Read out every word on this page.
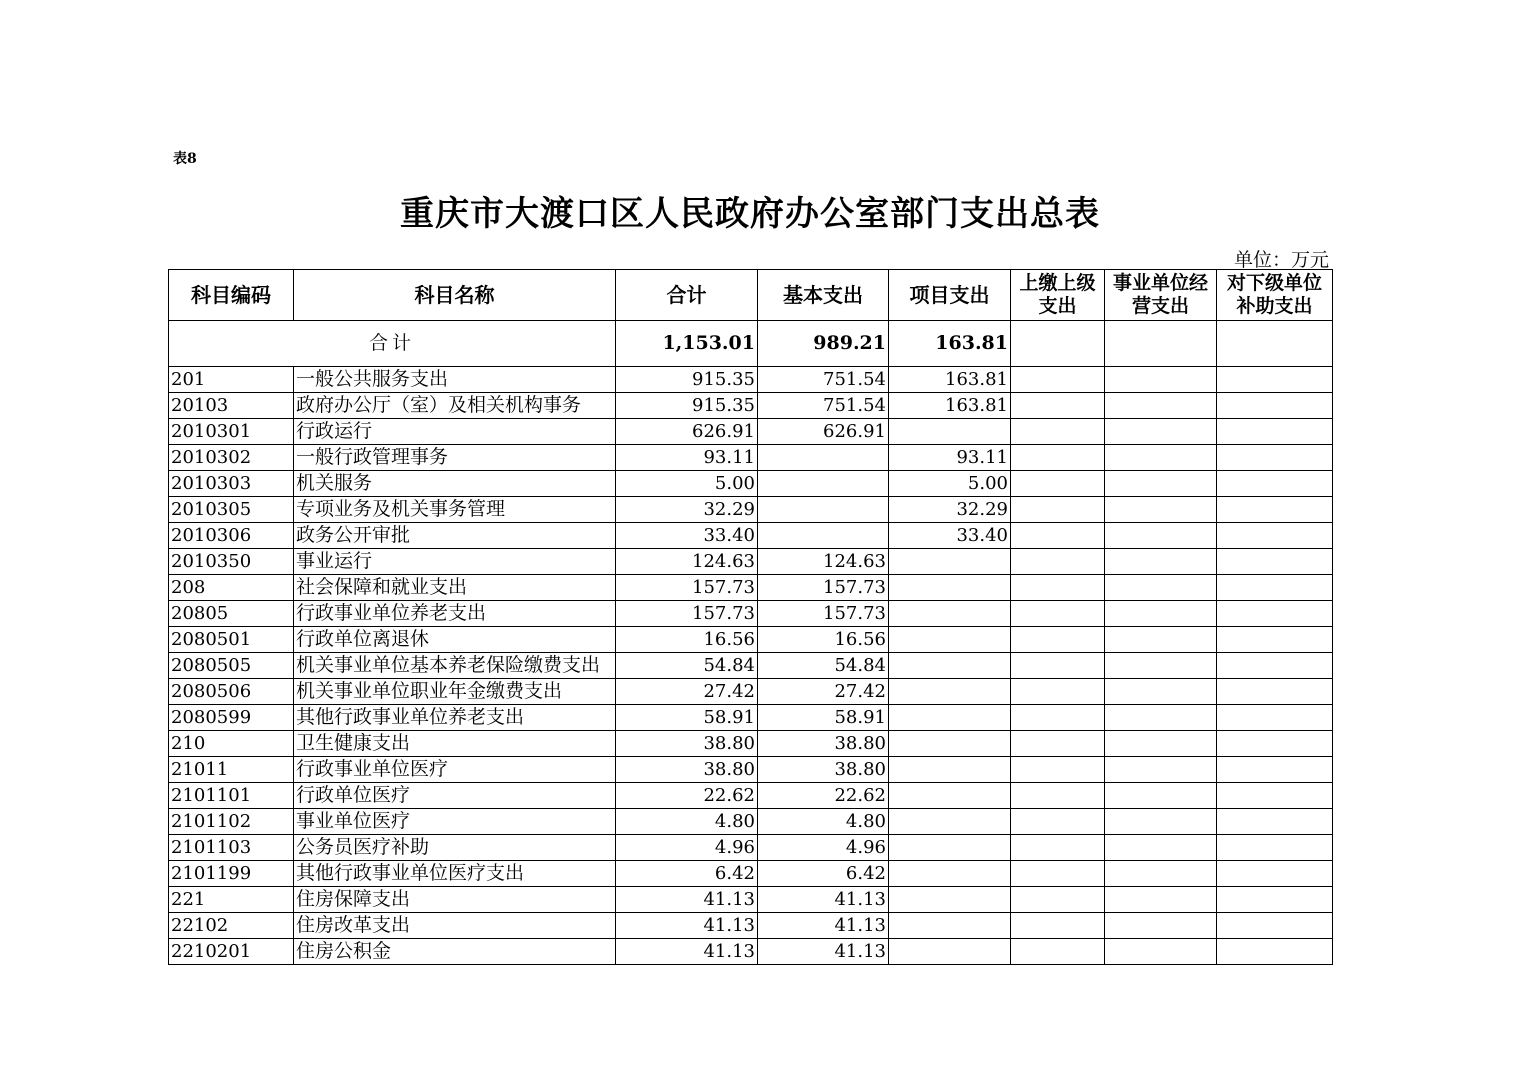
表8
重庆市大渡口区人民政府办公室部门支出总表
单位：万元
科目编码	科目名称	合计	基本支出	项目支出	上缴上级支出	事业单位经营支出	对下级单位补助支出
合计		1,153.01	989.21	163.81			
201	一般公共服务支出	915.35	751.54	163.81			
20103	政府办公厅（室）及相关机构事务	915.35	751.54	163.81			
2010301	行政运行	626.91	626.91				
2010302	一般行政管理事务	93.11		93.11			
2010303	机关服务	5.00		5.00			
2010305	专项业务及机关事务管理	32.29		32.29			
2010306	政务公开审批	33.40		33.40			
2010350	事业运行	124.63	124.63				
208	社会保障和就业支出	157.73	157.73				
20805	行政事业单位养老支出	157.73	157.73				
2080501	行政单位离退休	16.56	16.56				
2080505	机关事业单位基本养老保险缴费支出	54.84	54.84				
2080506	机关事业单位职业年金缴费支出	27.42	27.42				
2080599	其他行政事业单位养老支出	58.91	58.91				
210	卫生健康支出	38.80	38.80				
21011	行政事业单位医疗	38.80	38.80				
2101101	行政单位医疗	22.62	22.62				
2101102	事业单位医疗	4.80	4.80				
2101103	公务员医疗补助	4.96	4.96				
2101199	其他行政事业单位医疗支出	6.42	6.42				
221	住房保障支出	41.13	41.13				
22102	住房改革支出	41.13	41.13				
2210201	住房公积金	41.13	41.13				
